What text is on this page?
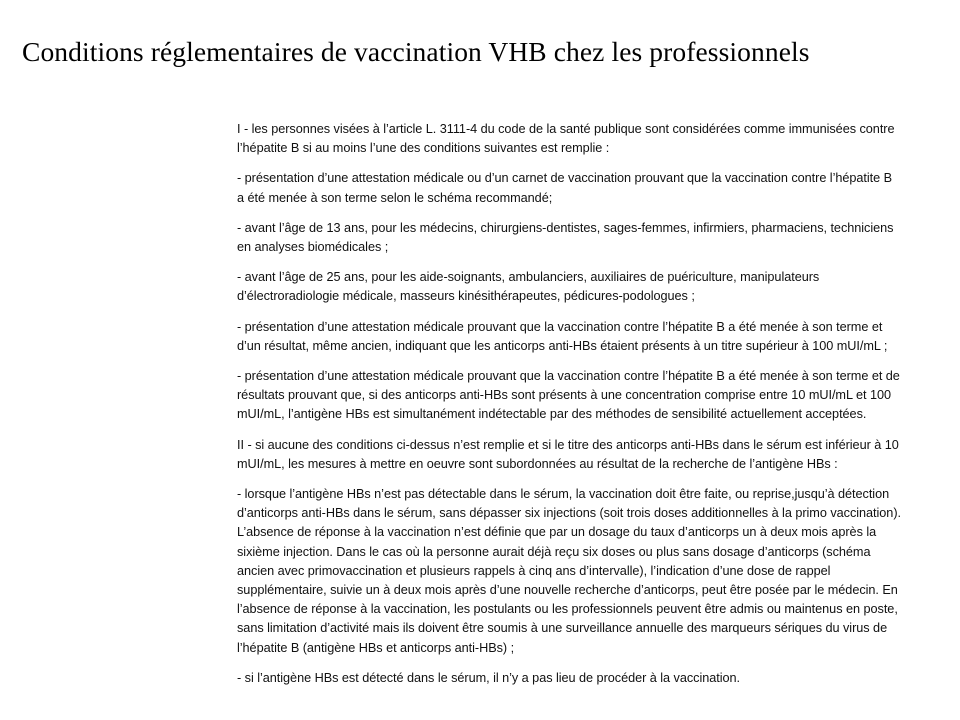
Conditions réglementaires de vaccination VHB chez les professionnels

I - les personnes visées à l’article L. 3111-4 du code de la santé publique sont considérées comme immunisées contre l’hépatite B si au moins l’une des conditions suivantes est remplie :

- présentation d’une attestation médicale ou d’un carnet de vaccination prouvant que la vaccination contre l’hépatite B a été menée à son terme selon le schéma recommandé;

- avant l’âge de 13 ans, pour les médecins, chirurgiens-dentistes, sages-femmes, infirmiers, pharmaciens, techniciens en analyses biomédicales ;

- avant l’âge de 25 ans, pour les aide-soignants, ambulanciers, auxiliaires de puériculture, manipulateurs d’électroradiologie médicale, masseurs kinésithérapeutes, pédicures-podologues ;

- présentation d’une attestation médicale prouvant que la vaccination contre l’hépatite B a été menée à son terme et d’un résultat, même ancien, indiquant que les anticorps anti-HBs étaient présents à un titre supérieur à 100 mUI/mL ;

- présentation d’une attestation médicale prouvant que la vaccination contre l’hépatite B a été menée à son terme et de résultats prouvant que, si des anticorps anti-HBs sont présents à une concentration comprise entre 10 mUI/mL et 100 mUI/mL, l’antigène HBs est simultanément indétectable par des méthodes de sensibilité actuellement acceptées.

II - si aucune des conditions ci-dessus n’est remplie et si le titre des anticorps anti-HBs dans le sérum est inférieur à 10 mUI/mL, les mesures à mettre en oeuvre sont subordonnées au résultat de la recherche de l’antigène HBs :

- lorsque l’antigène HBs n’est pas détectable dans le sérum, la vaccination doit être faite, ou reprise,jusqu’à détection d’anticorps anti-HBs dans le sérum, sans dépasser six injections (soit trois doses additionnelles à la primo vaccination). L’absence de réponse à la vaccination n’est définie que par un dosage du taux d’anticorps un à deux mois après la sixième injection. Dans le cas où la personne aurait déjà reçu six doses ou plus sans dosage d’anticorps (schéma ancien avec primovaccination et plusieurs rappels à cinq ans d’intervalle), l’indication d’une dose de rappel supplémentaire, suivie un à deux mois après d’une nouvelle recherche d’anticorps, peut être posée par le médecin. En l’absence de réponse à la vaccination, les postulants ou les professionnels peuvent être admis ou maintenus en poste, sans limitation d’activité mais ils doivent être soumis à une surveillance annuelle des marqueurs sériques du virus de l’hépatite B (antigène HBs et anticorps anti-HBs) ;

- si l’antigène HBs est détecté dans le sérum, il n’y a pas lieu de procéder à la vaccination.
